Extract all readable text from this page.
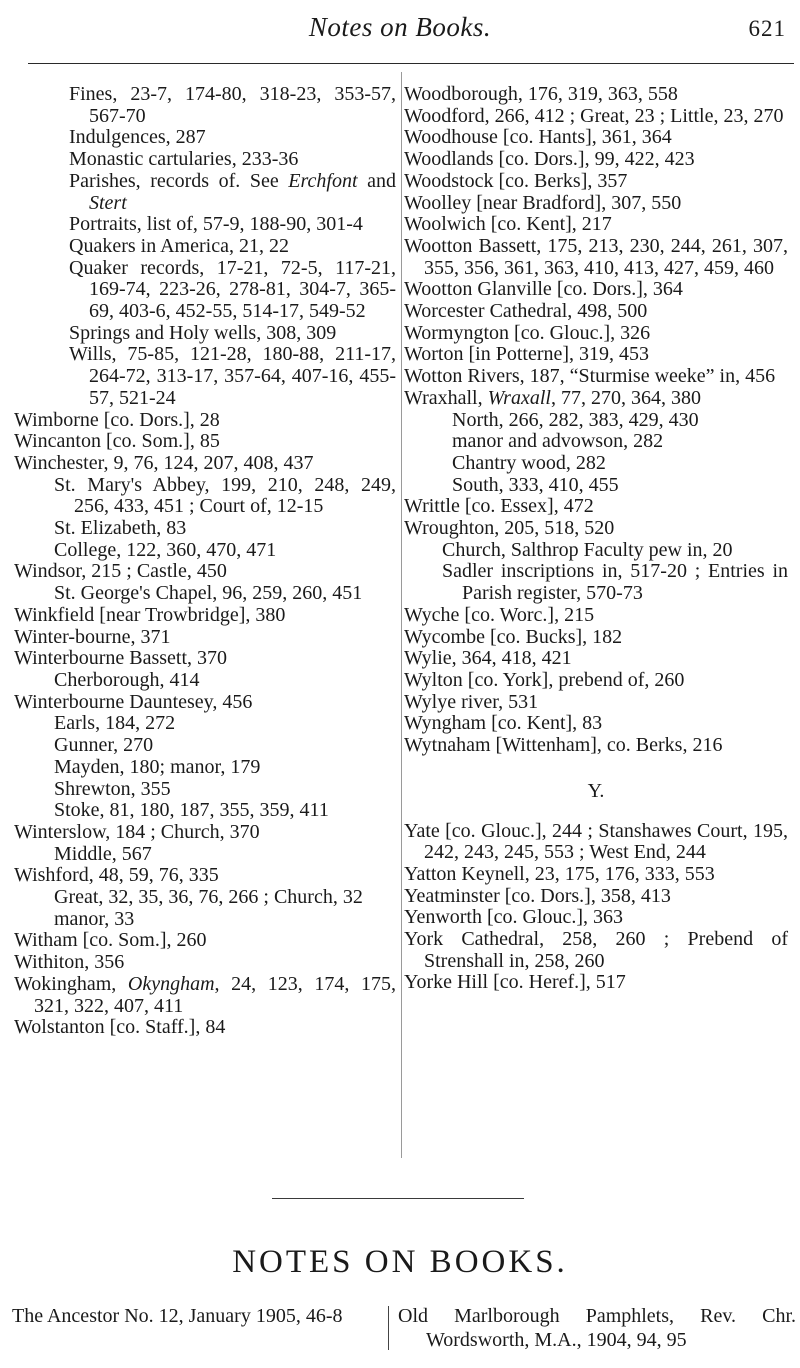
Notes on Books.	621
Fines, 23-7, 174-80, 318-23, 353-57, 567-70
Indulgences, 287
Monastic cartularies, 233-36
Parishes, records of. See Erchfont and Stert
Portraits, list of, 57-9, 188-90, 301-4
Quakers in America, 21, 22
Quaker records, 17-21, 72-5, 117-21, 169-74, 223-26, 278-81, 304-7, 365-69, 403-6, 452-55, 514-17, 549-52
Springs and Holy wells, 308, 309
Wills, 75-85, 121-28, 180-88, 211-17, 264-72, 313-17, 357-64, 407-16, 455-57, 521-24
Wimborne [co. Dors.], 28
Wincanton [co. Som.], 85
Winchester, 9, 76, 124, 207, 408, 437
St. Mary's Abbey, 199, 210, 248, 249, 256, 433, 451 ; Court of, 12-15
St. Elizabeth, 83
College, 122, 360, 470, 471
Windsor, 215 ; Castle, 450
St. George's Chapel, 96, 259, 260, 451
Winkfield [near Trowbridge], 380
Winter-bourne, 371
Winterbourne Bassett, 370
Cherborough, 414
Winterbourne Dauntesey, 456
Earls, 184, 272
Gunner, 270
Mayden, 180; manor, 179
Shrewton, 355
Stoke, 81, 180, 187, 355, 359, 411
Winterslow, 184 ; Church, 370
Middle, 567
Wishford, 48, 59, 76, 335
Great, 32, 35, 36, 76, 266 ; Church, 32
manor, 33
Witham [co. Som.], 260
Withiton, 356
Wokingham, Okyngham, 24, 123, 174, 175, 321, 322, 407, 411
Wolstanton [co. Staff.], 84
Woodborough, 176, 319, 363, 558
Woodford, 266, 412 ; Great, 23 ; Little, 23, 270
Woodhouse [co. Hants], 361, 364
Woodlands [co. Dors.], 99, 422, 423
Woodstock [co. Berks], 357
Woolley [near Bradford], 307, 550
Woolwich [co. Kent], 217
Wootton Bassett, 175, 213, 230, 244, 261, 307, 355, 356, 361, 363, 410, 413, 427, 459, 460
Wootton Glanville [co. Dors.], 364
Worcester Cathedral, 498, 500
Wormyngton [co. Glouc.], 326
Worton [in Potterne], 319, 453
Wotton Rivers, 187, “Sturmise weeke” in, 456
Wraxhall, Wraxall, 77, 270, 364, 380
North, 266, 282, 383, 429, 430
manor and advowson, 282
Chantry wood, 282
South, 333, 410, 455
Writtle [co. Essex], 472
Wroughton, 205, 518, 520
Church, Salthrop Faculty pew in, 20
Sadler inscriptions in, 517-20 ; Entries in Parish register, 570-73
Wyche [co. Worc.], 215
Wycombe [co. Bucks], 182
Wylie, 364, 418, 421
Wylton [co. York], prebend of, 260
Wylye river, 531
Wyngham [co. Kent], 83
Wytnaham [Wittenham], co. Berks, 216
Y.
Yate [co. Glouc.], 244 ; Stanshawes Court, 195, 242, 243, 245, 553 ; West End, 244
Yatton Keynell, 23, 175, 176, 333, 553
Yeatminster [co. Dors.], 358, 413
Yenworth [co. Glouc.], 363
York Cathedral, 258, 260 ; Prebend of Strenshall in, 258, 260
Yorke Hill [co. Heref.], 517
NOTES ON BOOKS.

The Ancestor No. 12, January 1905, 46-8	Old Marlborough Pamphlets, Rev. Chr. Wordsworth, M.A., 1904, 94, 95
